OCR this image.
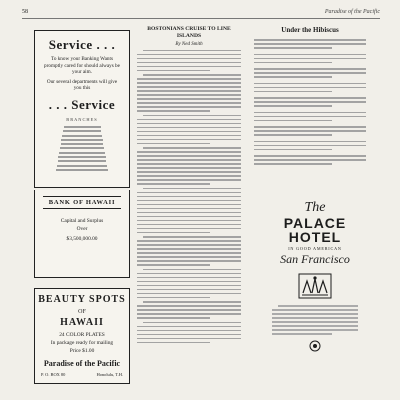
58	Paradise of the Pacific
Service . . .
To know your Banking Wants promptly cared for should always be your aim.
Our several departments will give you this
. . . Service
BRANCHES
BANK OF HAWAII
Capital and Surplus
Over
$3,500,000.00
BEAUTY SPOTS
OF
HAWAII
24 COLOR PLATES
In package ready for mailing
Price $1.00
Paradise of the Pacific
P. O. BOX 80	Honolulu, T.H.
BOSTONIANS CRUISE TO LINE ISLANDS
By Ned Smith
Under the Hibiscus
The
PALACE
HOTEL
IN GOOD AMERICAN
San Francisco
